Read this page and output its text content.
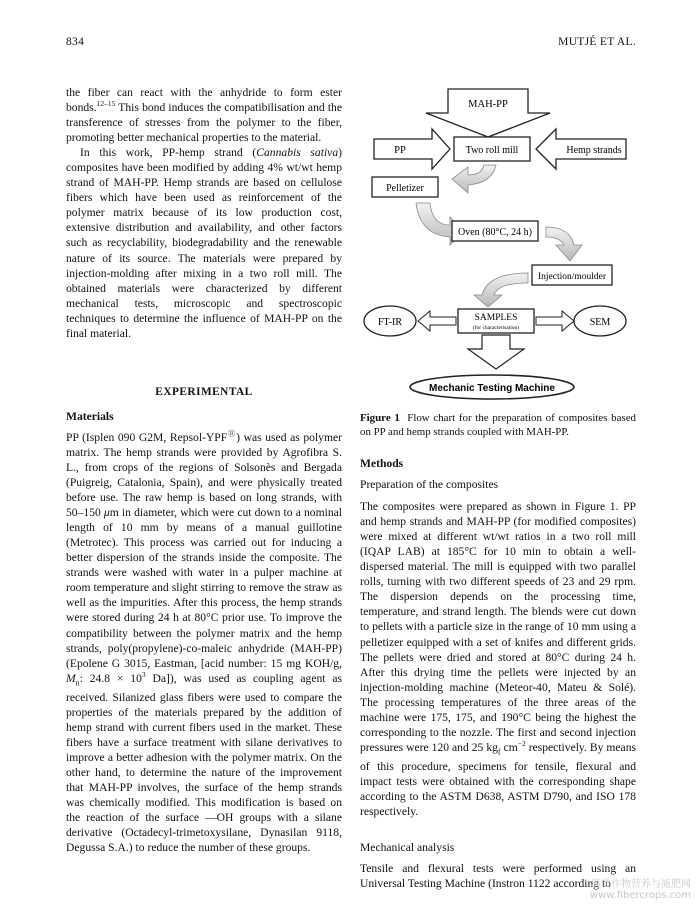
834	MUTJÉ ET AL.

the fiber can react with the anhydride to form ester bonds.$^{12-15}$ This bond induces the compatibilisation and the transference of stresses from the polymer to the fiber, promoting better mechanical properties to the material.

In this work, PP-hemp strand (Cannabis sativa) composites have been modified by adding 4% wt/wt hemp strand of MAH-PP. Hemp strands are based on cellulose fibers which have been used as reinforcement of the polymer matrix because of its low production cost, extensive distribution and availability, and other factors such as recyclability, biodegradability and the renewable nature of its source. The materials were prepared by injection-molding after mixing in a two roll mill. The obtained materials were characterized by different mechanical tests, microscopic and spectroscopic techniques to determine the influence of MAH-PP on the final material.

EXPERIMENTAL

Materials

PP (Isplen 090 G2M, Repsol-YPFⓇ) was used as polymer matrix. The hemp strands were provided by Agrofibra S. L., from crops of the regions of Solsonès and Bergada (Puigreig, Catalonia, Spain), and were physically treated before use. The raw hemp is based on long strands, with 50–150 μm in diameter, which were cut down to a nominal length of 10 mm by means of a manual guillotine (Metrotec). This process was carried out for inducing a better dispersion of the strands inside the composite. The strands were washed with water in a pulper machine at room temperature and slight stirring to remove the straw as well as the impurities. After this process, the hemp strands were stored during 24 h at 80°C prior use. To improve the compatibility between the polymer matrix and the hemp strands, poly(propylene)-co-maleic anhydride (MAH-PP) (Epolene G 3015, Eastman, [acid number: 15 mg KOH/g, $M_n$: $24.8 \times 10^3$ Da]), was used as coupling agent as received. Silanized glass fibers were used to compare the properties of the materials prepared by the addition of hemp strand with current fibers used in the market. These fibers have a surface treatment with silane derivatives to improve a better adhesion with the polymer matrix. On the other hand, to determine the nature of the improvement that MAH-PP involves, the surface of the hemp strands was chemically modified. This modification is based on the reaction of the surface —OH groups with a silane derivative (Octadecyl-trimetoxysilane, Dynasilan 9118, Degussa S.A.) to reduce the number of these groups.

MAH-PP
PP	Two roll mill	Hemp strands
Pelletizer
Oven (80°C, 24 h)
Injection/moulder
SAMPLES
(for characterisation)
FT-IR	SEM
Mechanic Testing Machine
Figure 1 Flow chart for the preparation of composites based on PP and hemp strands coupled with MAH-PP.

Methods

Preparation of the composites

The composites were prepared as shown in Figure 1. PP and hemp strands and MAH-PP (for modified composites) were mixed at different wt/wt ratios in a two roll mill (IQAP LAB) at 185°C for 10 min to obtain a well-dispersed material. The mill is equipped with two parallel rolls, turning with two different speeds of 23 and 29 rpm. The dispersion depends on the processing time, temperature, and strand length. The blends were cut down to pellets with a particle size in the range of 10 mm using a pelletizer equipped with a set of knifes and different grids. The pellets were dried and stored at 80°C during 24 h. After this drying time the pellets were injected by an injection-molding machine (Meteor-40, Mateu & Solé). The processing temperatures of the three areas of the machine were 175, 175, and 190°C being the highest the corresponding to the nozzle. The first and second injection pressures were 120 and 25 $kg_f$ $cm^{-2}$ respectively. By means of this procedure, specimens for tensile, flexural and impact tests were obtained with the corresponding shape according to the ASTM D638, ASTM D790, and ISO 178 respectively.

Mechanical analysis

Tensile and flexural tests were performed using an Universal Testing Machine (Instron 1122 according to

麻类作物营养与施肥网
www.fibercrops.com
